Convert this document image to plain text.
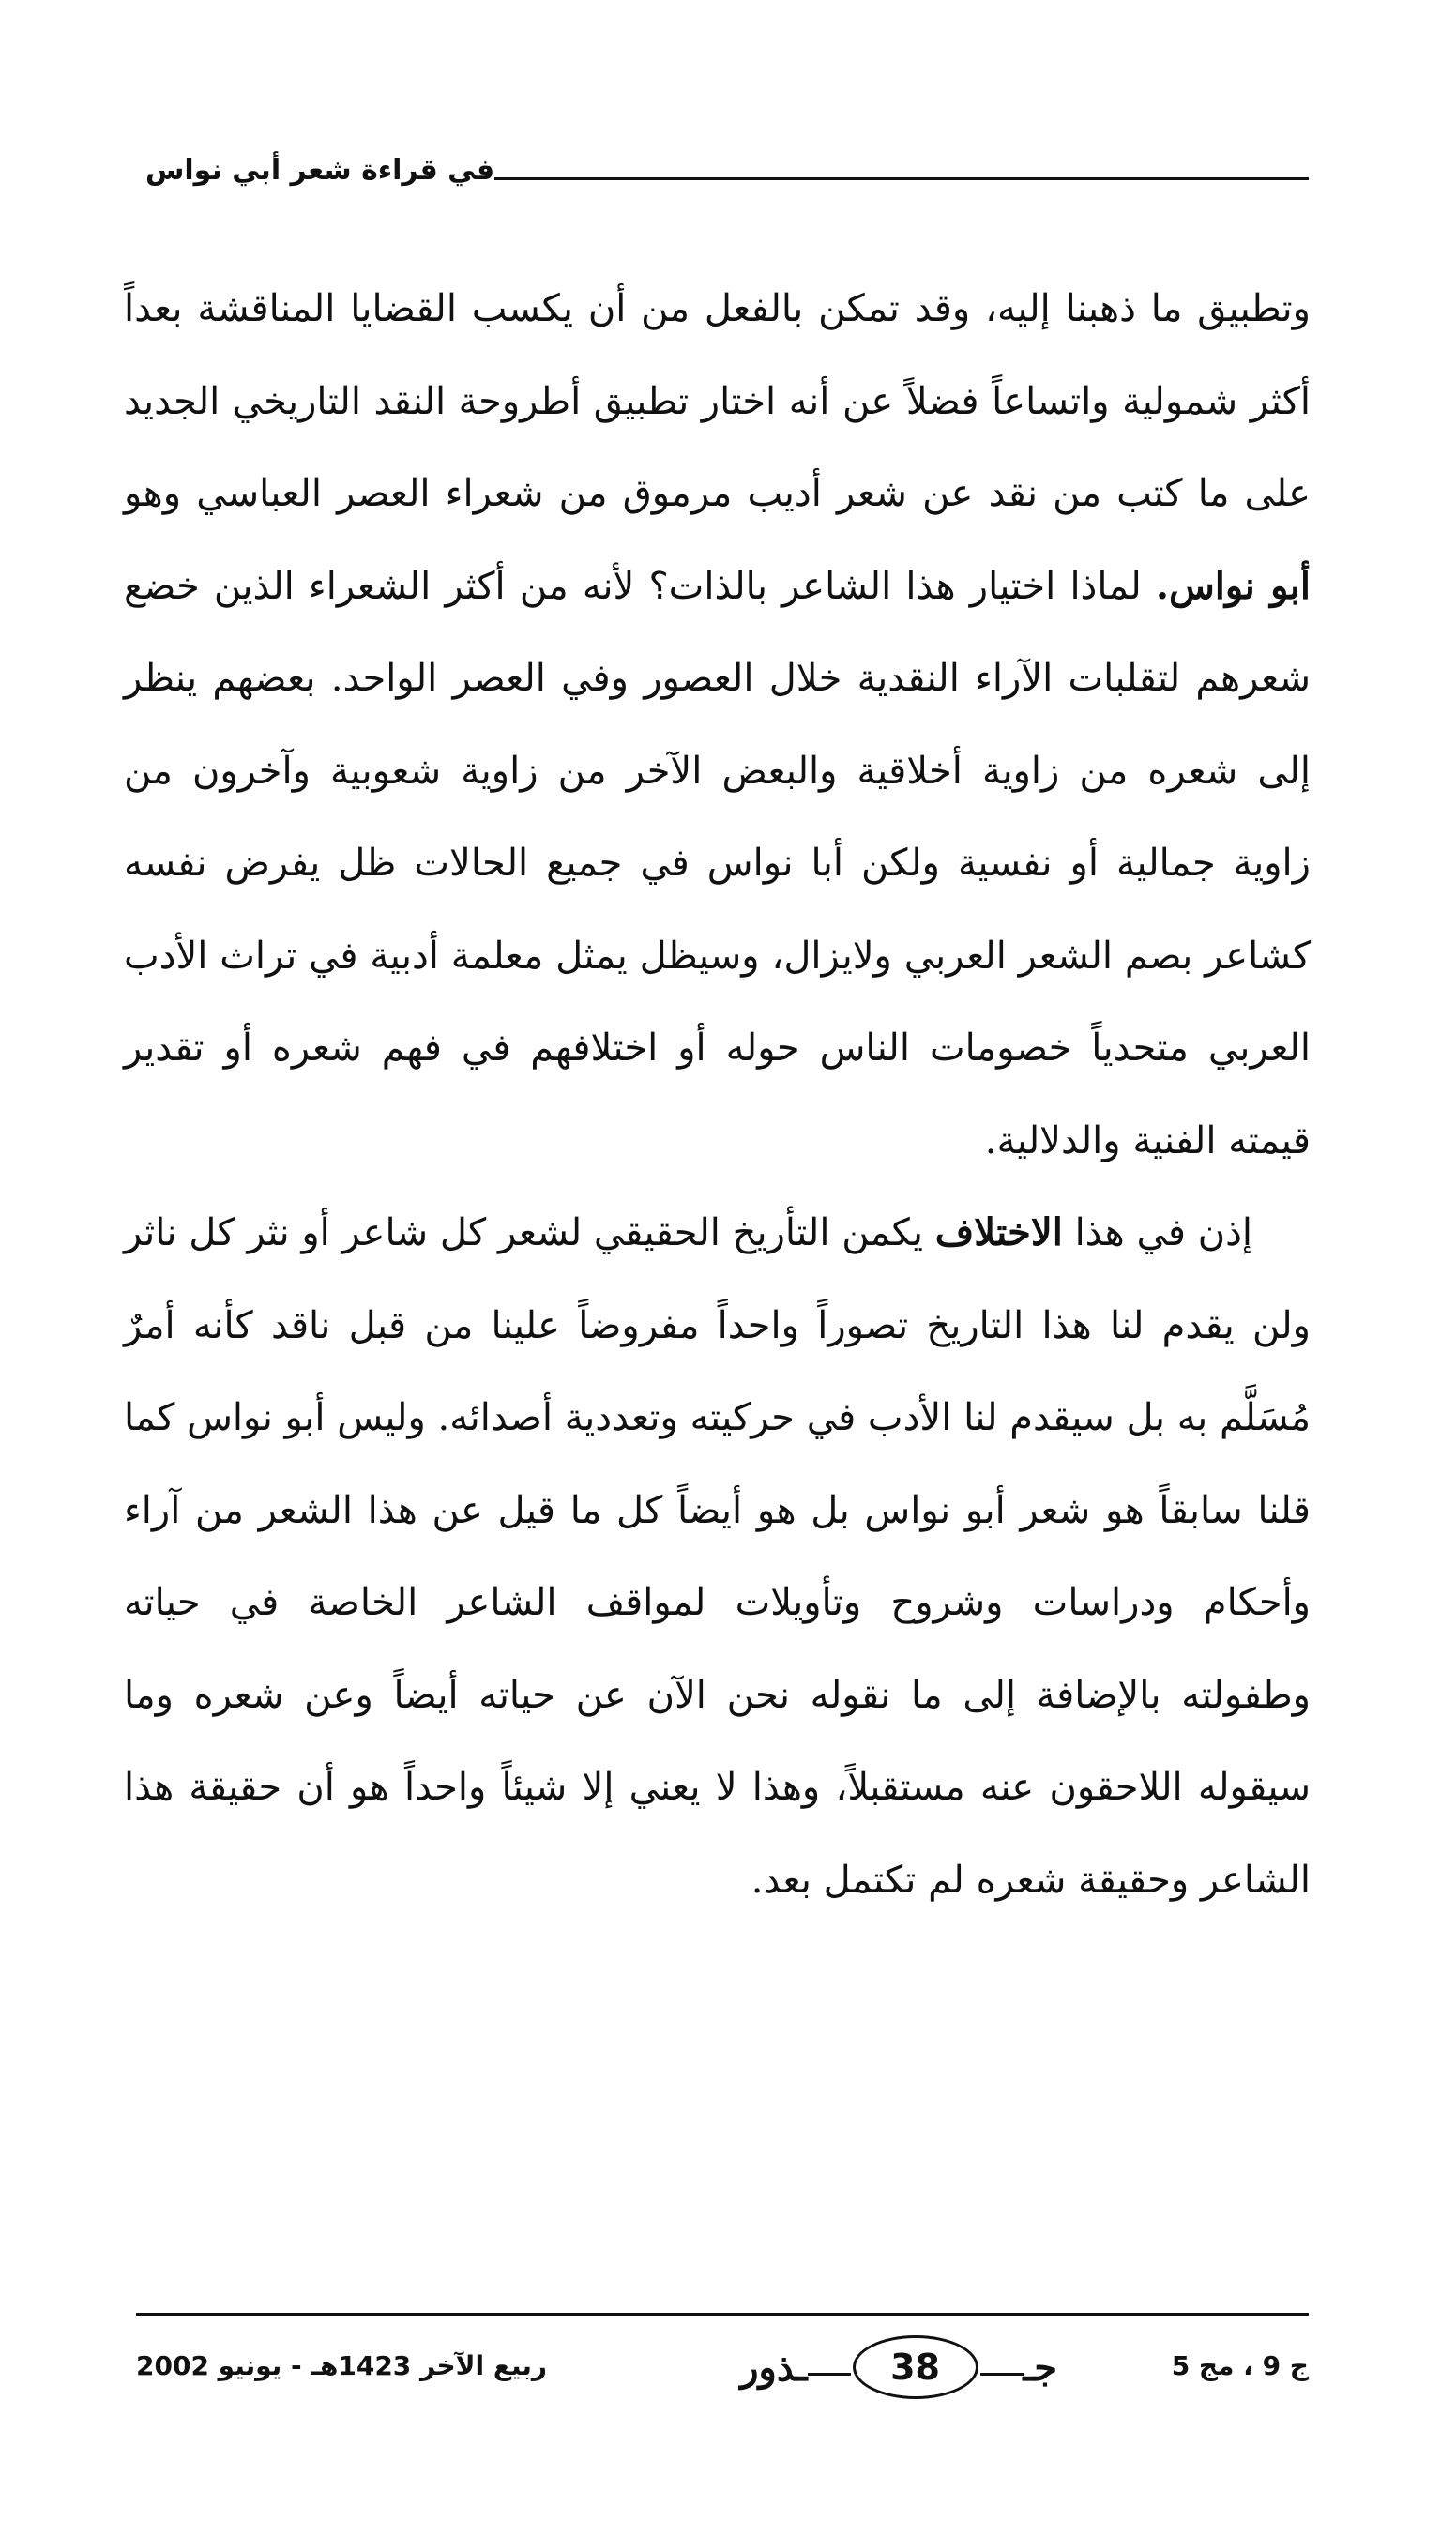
في قراءة شعر أبي نواس

وتطبيق ما ذهبنا إليه، وقد تمكن بالفعل من أن يكسب القضايا المناقشة بعداً أكثر شمولية واتساعاً فضلاً عن أنه اختار تطبيق أطروحة النقد التاريخي الجديد على ما كتب من نقد عن شعر أديب مرموق من شعراء العصر العباسي وهو أبو نواس. لماذا اختيار هذا الشاعر بالذات؟ لأنه من أكثر الشعراء الذين خضع شعرهم لتقلبات الآراء النقدية خلال العصور وفي العصر الواحد. بعضهم ينظر إلى شعره من زاوية أخلاقية والبعض الآخر من زاوية شعوبية وآخرون من زاوية جمالية أو نفسية ولكن أبا نواس في جميع الحالات ظل يفرض نفسه كشاعر بصم الشعر العربي ولايزال، وسيظل يمثل معلمة أدبية في تراث الأدب العربي متحدياً خصومات الناس حوله أو اختلافهم في فهم شعره أو تقدير قيمته الفنية والدلالية.

إذن في هذا الاختلاف يكمن التأريخ الحقيقي لشعر كل شاعر أو نثر كل ناثر ولن يقدم لنا هذا التاريخ تصوراً واحداً مفروضاً علينا من قبل ناقد كأنه أمرٌ مُسَلَّم به بل سيقدم لنا الأدب في حركيته وتعددية أصدائه. وليس أبو نواس كما قلنا سابقاً هو شعر أبو نواس بل هو أيضاً كل ما قيل عن هذا الشعر من آراء وأحكام ودراسات وشروح وتأويلات لمواقف الشاعر الخاصة في حياته وطفولته بالإضافة إلى ما نقوله نحن الآن عن حياته أيضاً وعن شعره وما سيقوله اللاحقون عنه مستقبلاً، وهذا لا يعني إلا شيئاً واحداً هو أن حقيقة هذا الشاعر وحقيقة شعره لم تكتمل بعد.

ج 9 ، مج 5
ـذور	38	جـ
ربيع الآخر 1423هـ - يونيو 2002
